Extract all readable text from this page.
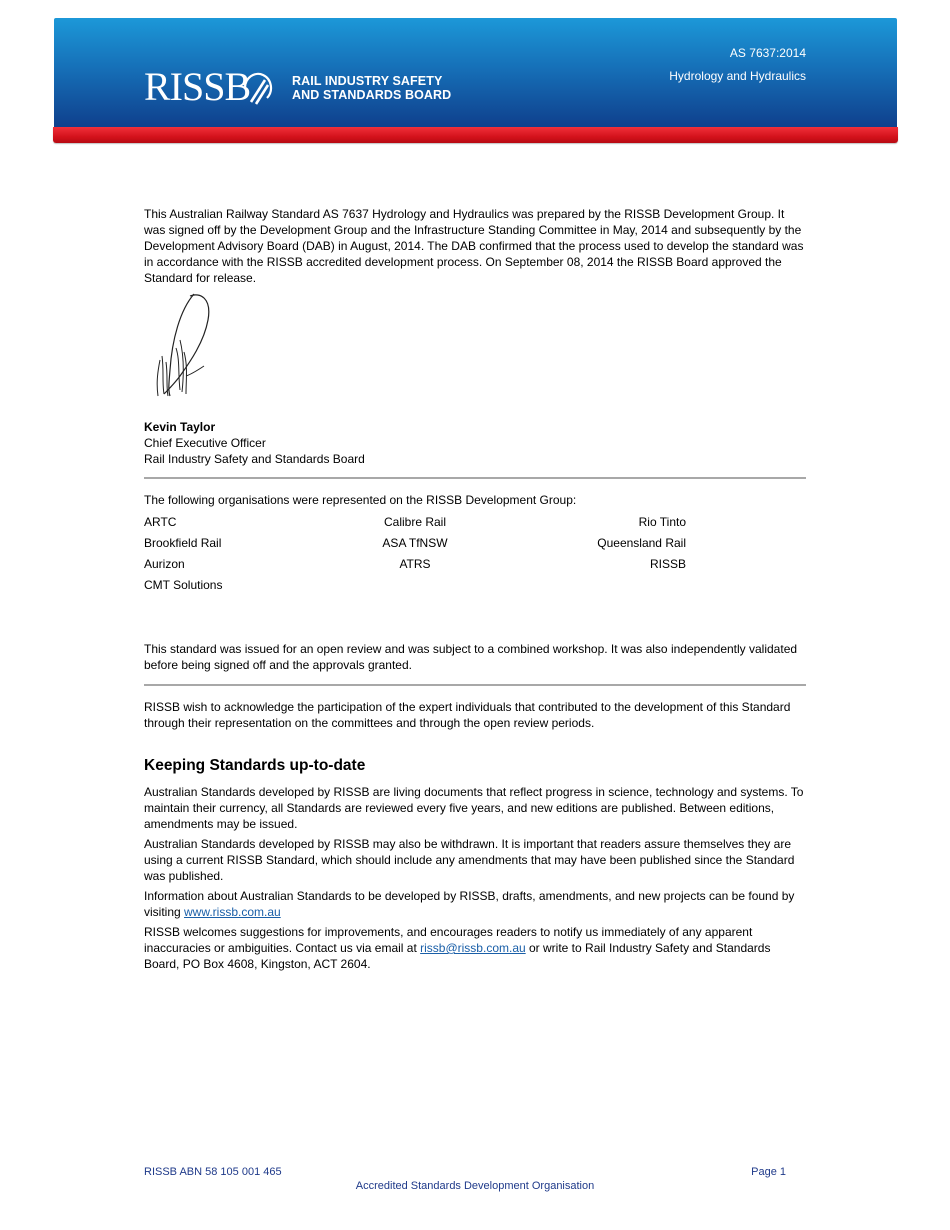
RISSB	RAIL INDUSTRY SAFETY
AND STANDARDS BOARD
AS 7637:2014
Hydrology and Hydraulics

This Australian Railway Standard AS 7637 Hydrology and Hydraulics was prepared by the RISSB Development Group. It was signed off by the Development Group and the Infrastructure Standing Committee in May, 2014 and subsequently by the Development Advisory Board (DAB) in August, 2014. The DAB confirmed that the process used to develop the standard was in accordance with the RISSB accredited development process. On September 08, 2014 the RISSB Board approved the Standard for release.

Kevin Taylor
Chief Executive Officer
Rail Industry Safety and Standards Board

The following organisations were represented on the RISSB Development Group:

ARTC	Calibre Rail	Rio Tinto
Brookfield Rail	ASA TfNSW	Queensland Rail
Aurizon	ATRS	RISSB
CMT Solutions

This standard was issued for an open review and was subject to a combined workshop. It was also independently validated before being signed off and the approvals granted.

RISSB wish to acknowledge the participation of the expert individuals that contributed to the development of this Standard through their representation on the committees and through the open review periods.

Keeping Standards up-to-date

Australian Standards developed by RISSB are living documents that reflect progress in science, technology and systems. To maintain their currency, all Standards are reviewed every five years, and new editions are published. Between editions, amendments may be issued.

Australian Standards developed by RISSB may also be withdrawn. It is important that readers assure themselves they are using a current RISSB Standard, which should include any amendments that may have been published since the Standard was published.

Information about Australian Standards to be developed by RISSB, drafts, amendments, and new projects can be found by visiting www.rissb.com.au

RISSB welcomes suggestions for improvements, and encourages readers to notify us immediately of any apparent inaccuracies or ambiguities. Contact us via email at rissb@rissb.com.au or write to Rail Industry Safety and Standards Board, PO Box 4608, Kingston, ACT 2604.

RISSB ABN 58 105 001 465	Page 1
Accredited Standards Development Organisation
